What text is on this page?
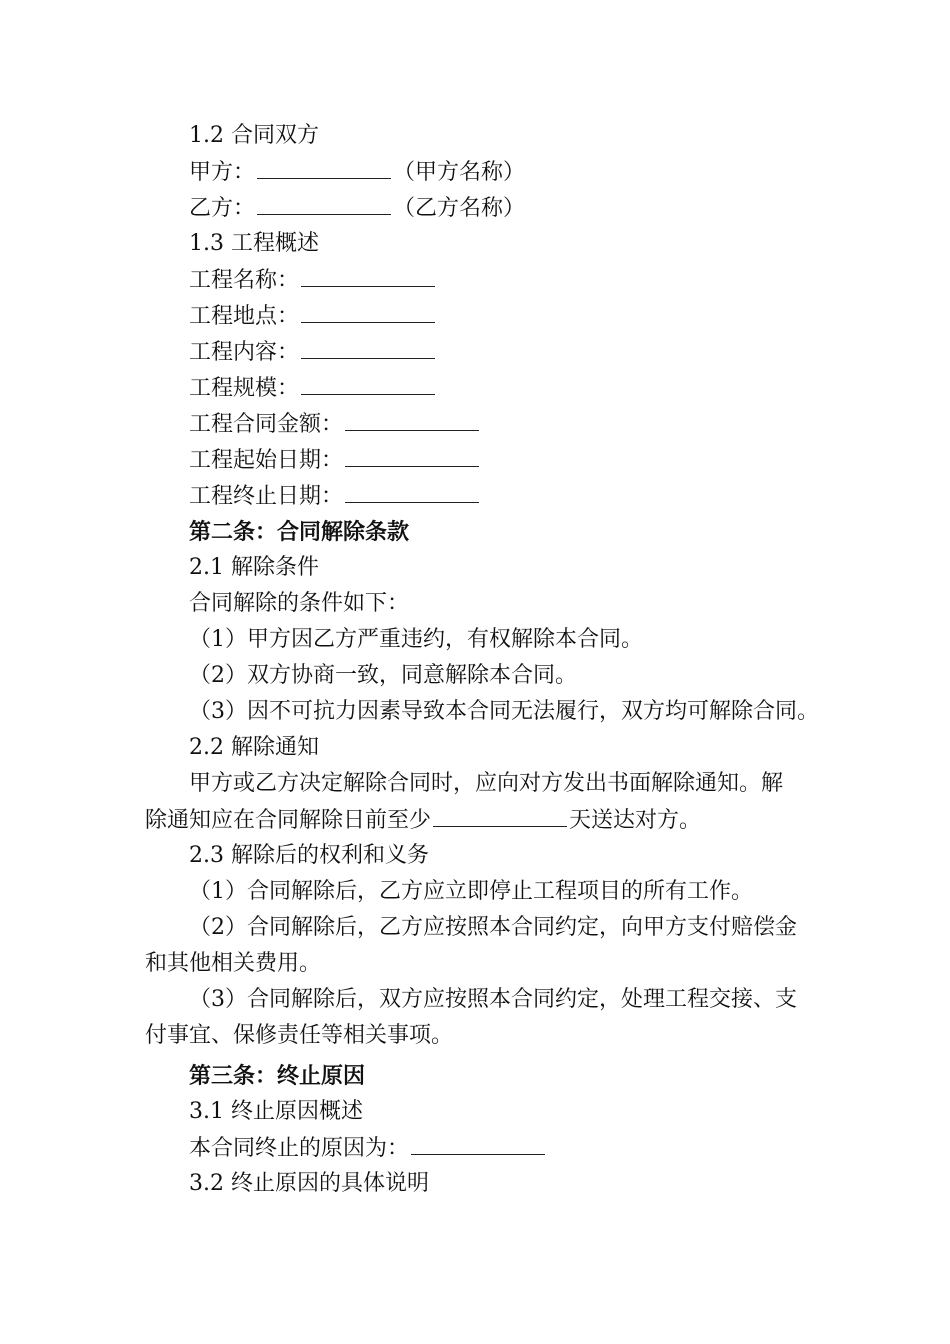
1.2 合同双方
甲方：	（甲方名称）
乙方：	（乙方名称）
1.3 工程概述
工程名称：
工程地点：
工程内容：
工程规模：
工程合同金额：
工程起始日期：
工程终止日期：
第二条：合同解除条款
2.1 解除条件
合同解除的条件如下：
（1）甲方因乙方严重违约，有权解除本合同。
（2）双方协商一致，同意解除本合同。
（3）因不可抗力因素导致本合同无法履行，双方均可解除合同。
2.2 解除通知
甲方或乙方决定解除合同时，应向对方发出书面解除通知。解
除通知应在合同解除日前至少	天送达对方。
2.3 解除后的权利和义务
（1）合同解除后，乙方应立即停止工程项目的所有工作。
（2）合同解除后，乙方应按照本合同约定，向甲方支付赔偿金
和其他相关费用。
（3）合同解除后，双方应按照本合同约定，处理工程交接、支
付事宜、保修责任等相关事项。
第三条：终止原因
3.1 终止原因概述
本合同终止的原因为：
3.2 终止原因的具体说明
